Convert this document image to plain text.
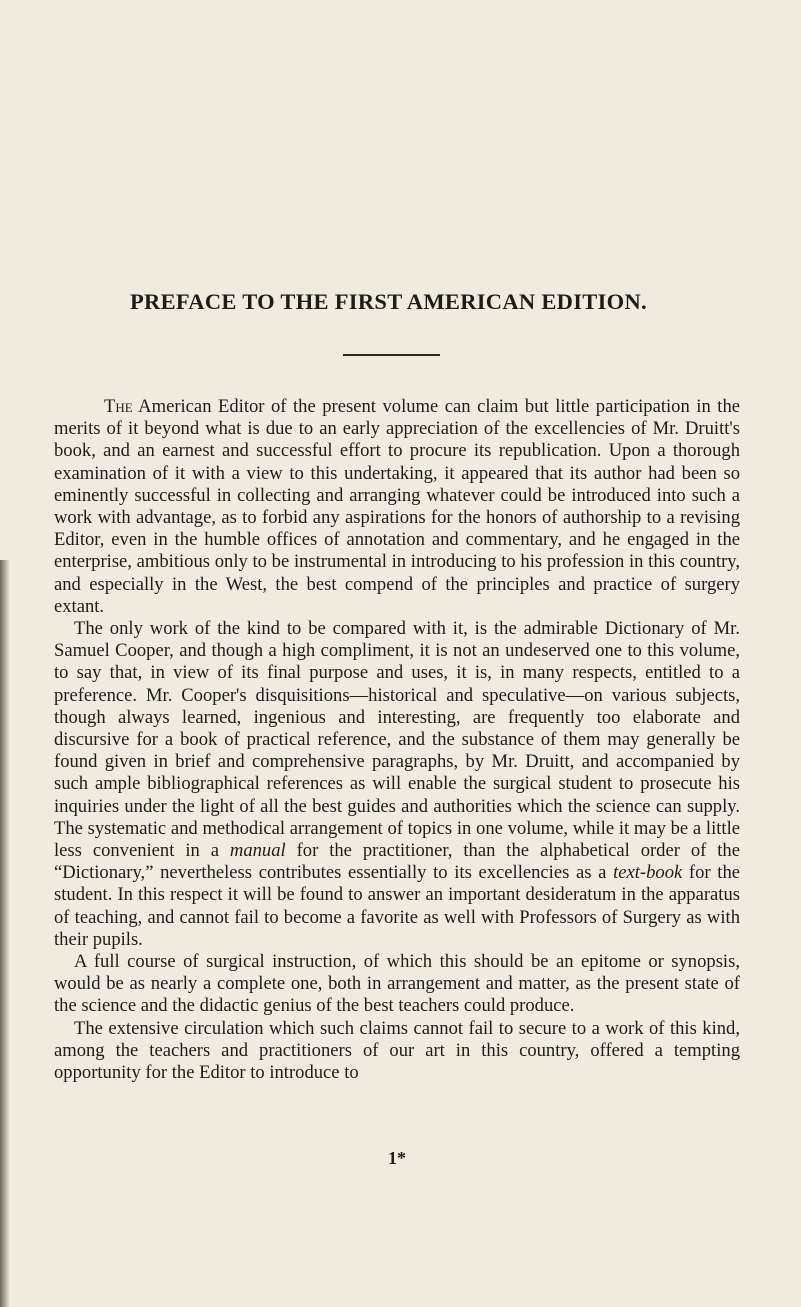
PREFACE TO THE FIRST AMERICAN EDITION.

The American Editor of the present volume can claim but little participation in the merits of it beyond what is due to an early appreciation of the excellencies of Mr. Druitt's book, and an earnest and successful effort to procure its republication. Upon a thorough examination of it with a view to this undertaking, it appeared that its author had been so eminently successful in collecting and arranging whatever could be introduced into such a work with advantage, as to forbid any aspirations for the honors of authorship to a revising Editor, even in the humble offices of annotation and commentary, and he engaged in the enterprise, ambitious only to be instrumental in introducing to his profession in this country, and especially in the West, the best compend of the principles and practice of surgery extant.

The only work of the kind to be compared with it, is the admirable Dictionary of Mr. Samuel Cooper, and though a high compliment, it is not an undeserved one to this volume, to say that, in view of its final purpose and uses, it is, in many respects, entitled to a preference. Mr. Cooper's disquisitions—historical and speculative—on various subjects, though always learned, ingenious and interesting, are frequently too elaborate and discursive for a book of practical reference, and the substance of them may generally be found given in brief and comprehensive paragraphs, by Mr. Druitt, and accompanied by such ample bibliographical references as will enable the surgical student to prosecute his inquiries under the light of all the best guides and authorities which the science can supply. The systematic and methodical arrangement of topics in one volume, while it may be a little less convenient in a manual for the practitioner, than the alphabetical order of the “Dictionary,” nevertheless contributes essentially to its excellencies as a text-book for the student. In this respect it will be found to answer an important desideratum in the apparatus of teaching, and cannot fail to become a favorite as well with Professors of Surgery as with their pupils.

A full course of surgical instruction, of which this should be an epitome or synopsis, would be as nearly a complete one, both in arrangement and matter, as the present state of the science and the didactic genius of the best teachers could produce.

The extensive circulation which such claims cannot fail to secure to a work of this kind, among the teachers and practitioners of our art in this country, offered a tempting opportunity for the Editor to introduce to

1*
